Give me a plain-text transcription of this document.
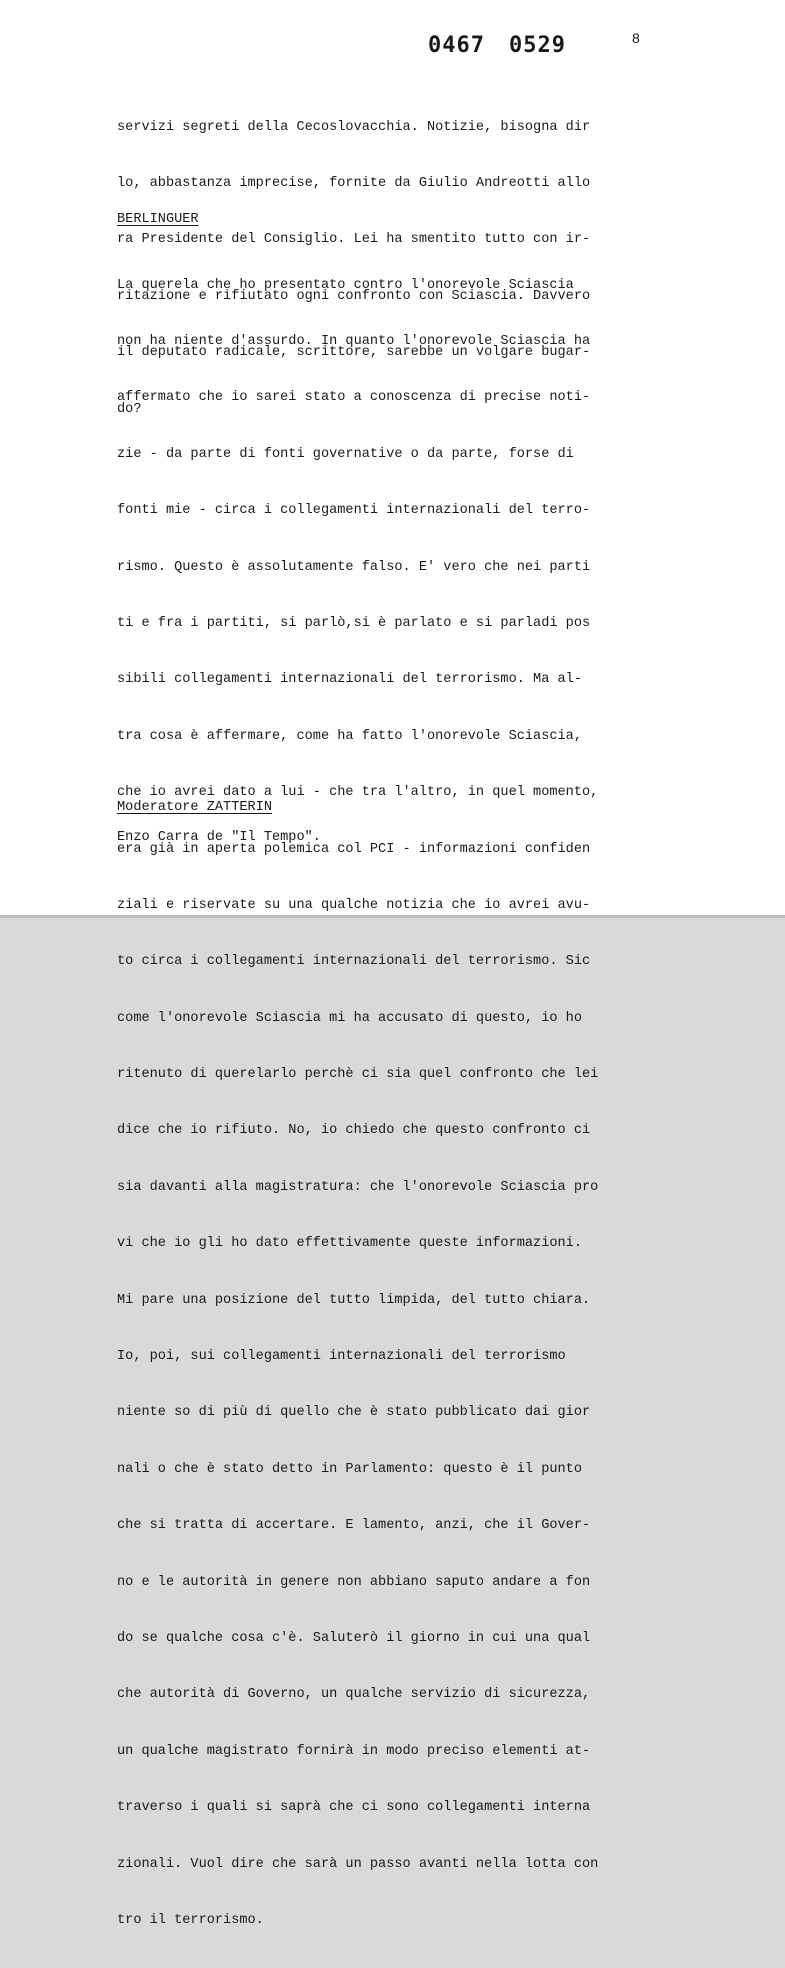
0467 0529	8

servizi segreti della Cecoslovacchia. Notizie, bisogna dir

lo, abbastanza imprecise, fornite da Giulio Andreotti allo

ra Presidente del Consiglio. Lei ha smentito tutto con ir-

ritazione e rifiutato ogni confronto con Sciascia. Davvero

il deputato radicale, scrittore, sarebbe un volgare bugar-

do?

BERLINGUER

La querela che ho presentato contro l'onorevole Sciascia

non ha niente d'assurdo. In quanto l'onorevole Sciascia ha

affermato che io sarei stato a conoscenza di precise noti-

zie - da parte di fonti governative o da parte, forse di

fonti mie - circa i collegamenti internazionali del terro-

rismo. Questo è assolutamente falso. E' vero che nei parti

ti e fra i partiti, si parlò,si è parlato e si parladi pos

sibili collegamenti internazionali del terrorismo. Ma al-

tra cosa è affermare, come ha fatto l'onorevole Sciascia,

che io avrei dato a lui - che tra l'altro, in quel momento,

era già in aperta polemica col PCI - informazioni confiden

ziali e riservate su una qualche notizia che io avrei avu-

to circa i collegamenti internazionali del terrorismo. Sic

come l'onorevole Sciascia mi ha accusato di questo, io ho

ritenuto di querelarlo perchè ci sia quel confronto che lei

dice che io rifiuto. No, io chiedo che questo confronto ci

sia davanti alla magistratura: che l'onorevole Sciascia pro

vi che io gli ho dato effettivamente queste informazioni.

Mi pare una posizione del tutto limpida, del tutto chiara.

Io, poi, sui collegamenti internazionali del terrorismo

niente so di più di quello che è stato pubblicato dai gior

nali o che è stato detto in Parlamento: questo è il punto

che si tratta di accertare. E lamento, anzi, che il Gover-

no e le autorità in genere non abbiano saputo andare a fon

do se qualche cosa c'è. Saluterò il giorno in cui una qual

che autorità di Governo, un qualche servizio di sicurezza,

un qualche magistrato fornirà in modo preciso elementi at-

traverso i quali si saprà che ci sono collegamenti interna

zionali. Vuol dire che sarà un passo avanti nella lotta con

tro il terrorismo.

Moderatore ZATTERIN
Enzo Carra de "Il Tempo".
